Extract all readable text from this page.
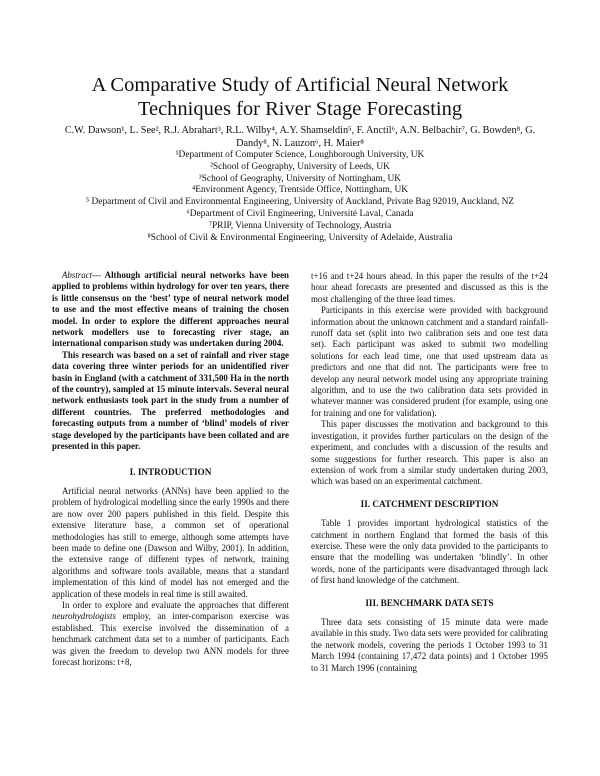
A Comparative Study of Artificial Neural Network
Techniques for River Stage Forecasting
C.W. Dawson¹, L. See², R.J. Abrahart³, R.L. Wilby⁴, A.Y. Shamseldin⁵, F. Anctil⁶, A.N. Belbachir⁷, G. Bowden⁸, G.
Dandy⁸, N. Lauzon⁶, H. Maier⁸
¹Department of Computer Science, Loughborough University, UK
²School of Geography, University of Leeds, UK
³School of Geography, University of Nottingham, UK
⁴Environment Agency, Trentside Office, Nottingham, UK
⁵ Department of Civil and Environmental Engineering, University of Auckland, Private Bag 92019, Auckland, NZ
⁶Department of Civil Engineering, Université Laval, Canada
⁷PRIP, Vienna University of Technology, Austria
⁸School of Civil & Environmental Engineering, University of Adelaide, Australia

Abstract--- Although artificial neural networks have been applied to problems within hydrology for over ten years, there is little consensus on the ‘best’ type of neural network model to use and the most effective means of training the chosen model. In order to explore the different approaches neural network modellers use to forecasting river stage, an international comparison study was undertaken during 2004.

This research was based on a set of rainfall and river stage data covering three winter periods for an unidentified river basin in England (with a catchment of 331,500 Ha in the north of the country), sampled at 15 minute intervals. Several neural network enthusiasts took part in the study from a number of different countries. The preferred methodologies and forecasting outputs from a number of ‘blind’ models of river stage developed by the participants have been collated and are presented in this paper.

I. INTRODUCTION

Artificial neural networks (ANNs) have been applied to the problem of hydrological modelling since the early 1990s and there are now over 200 papers published in this field. Despite this extensive literature base, a common set of operational methodologies has still to emerge, although some attempts have been made to define one (Dawson and Wilby, 2001). In addition, the extensive range of different types of network, training algorithms and software tools available, means that a standard implementation of this kind of model has not emerged and the application of these models in real time is still awaited.

In order to explore and evaluate the approaches that different neurohydrologists employ, an inter-comparison exercise was established. This exercise involved the dissemination of a benchmark catchment data set to a number of participants. Each was given the freedom to develop two ANN models for three forecast horizons: t+8,

t+16 and t+24 hours ahead. In this paper the results of the t+24 hour ahead forecasts are presented and discussed as this is the most challenging of the three lead times.

Participants in this exercise were provided with background information about the unknown catchment and a standard rainfall-runoff data set (split into two calibration sets and one test data set). Each participant was asked to submit two modelling solutions for each lead time, one that used upstream data as predictors and one that did not. The participants were free to develop any neural network model using any appropriate training algorithm, and to use the two calibration data sets provided in whatever manner was considered prudent (for example, using one for training and one for validation).

This paper discusses the motivation and background to this investigation, it provides further particulars on the design of the experiment, and concludes with a discussion of the results and some suggestions for further research. This paper is also an extension of work from a similar study undertaken during 2003, which was based on an experimental catchment.

II. CATCHMENT DESCRIPTION

Table 1 provides important hydrological statistics of the catchment in northern England that formed the basis of this exercise. These were the only data provided to the participants to ensure that the modelling was undertaken ‘blindly’. In other words, none of the participants were disadvantaged through lack of first hand knowledge of the catchment.

III. BENCHMARK DATA SETS

Three data sets consisting of 15 minute data were made available in this study. Two data sets were provided for calibrating the network models, covering the periods 1 October 1993 to 31 March 1994 (containing 17,472 data points) and 1 October 1995 to 31 March 1996 (containing
